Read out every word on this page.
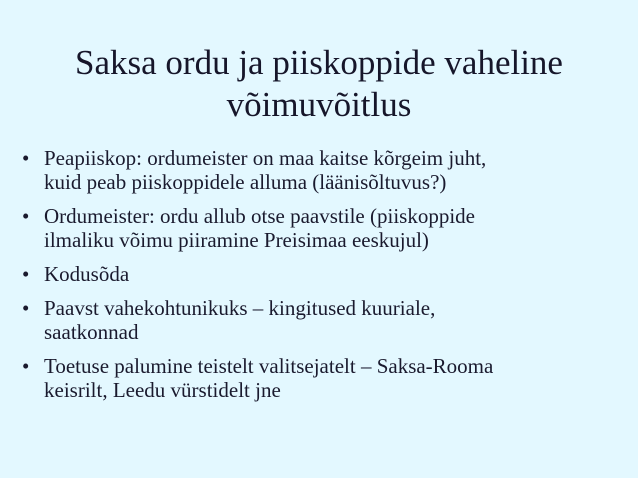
Saksa ordu ja piiskoppide vaheline
võimuvõitlus
• Peapiiskop: ordumeister on maa kaitse kõrgeim juht,
kuid peab piiskoppidele alluma (läänisõltuvus?)
• Ordumeister: ordu allub otse paavstile (piiskoppide
ilmaliku võimu piiramine Preisimaa eeskujul)
• Kodusõda
• Paavst vahekohtunikuks – kingitused kuuriale,
saatkonnad
• Toetuse palumine teistelt valitsejatelt – Saksa-Rooma
keisrilt, Leedu vürstidelt jne
